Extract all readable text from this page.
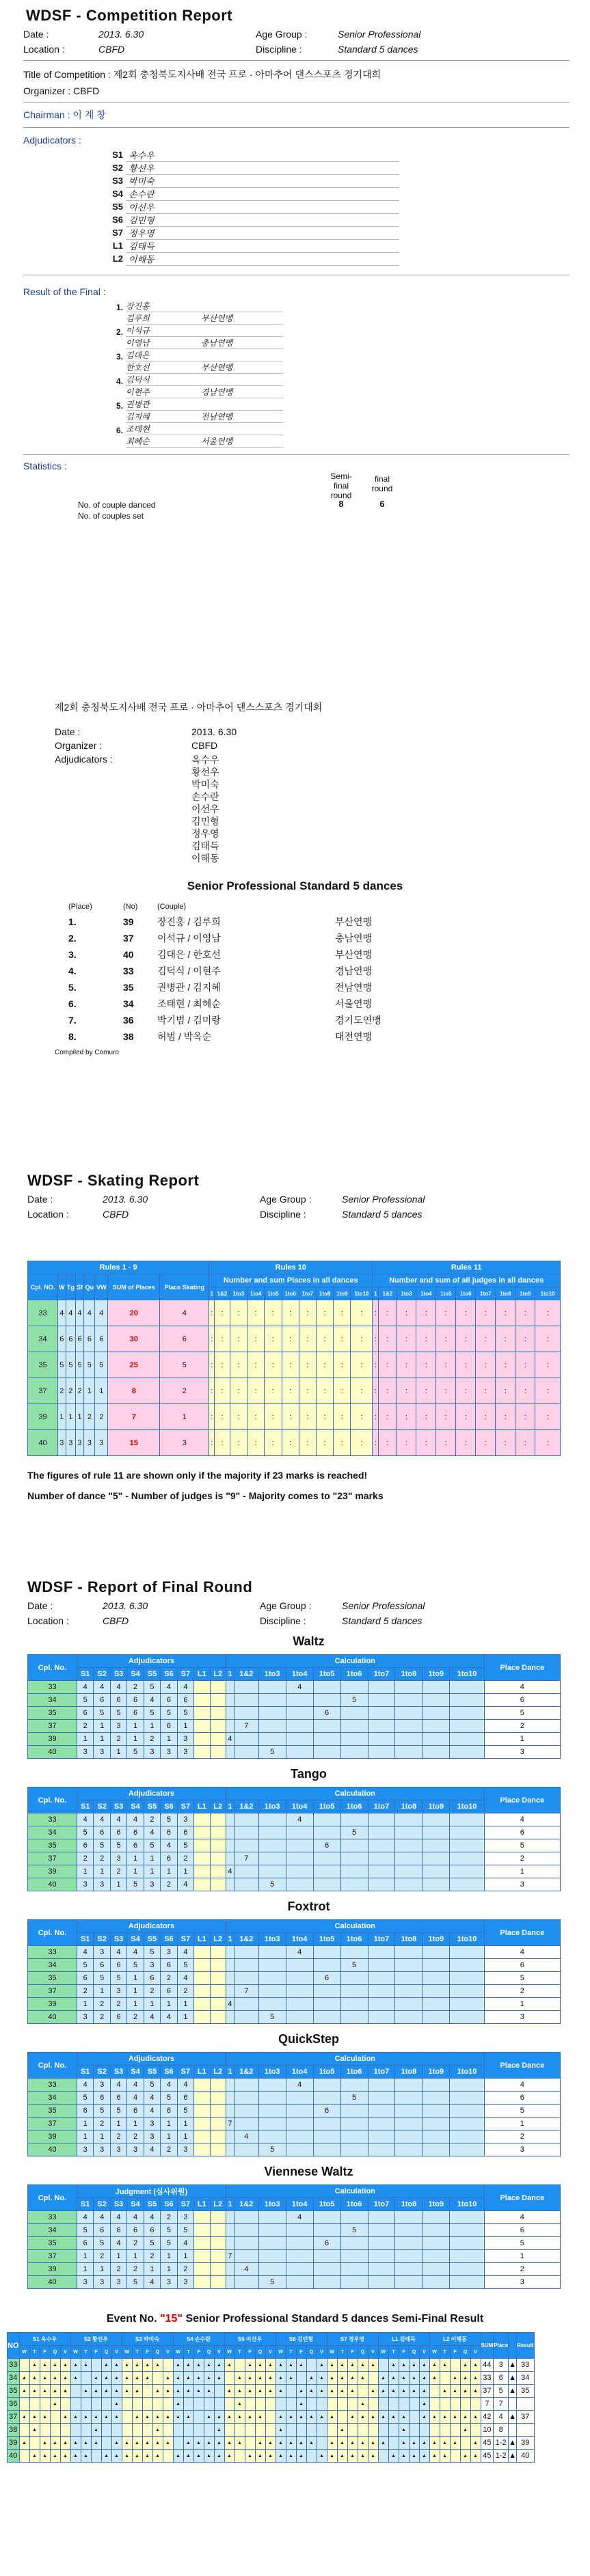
WDSF - Competition Report
Date :	2013. 6.30	Age Group :	Senior Professional
Location :	CBFD	Discipline :	Standard 5 dances
Title of Competition : 제2회 충청북도지사배 전국 프로 · 아마추어 댄스스포츠 경기대회
Organizer : CBFD
Chairman : 이 계 창
Adjudicators :
S1 옥수우
S2 황선우
S3 박미숙
S4 손수란
S5 이선우
S6 김민형
S7 정우영
L1 김태득
L2 이해동
Result of the Final :
1. 장진홍
김루희	부산연맹
2. 이석규
이영남	충남연맹
3. 김대은
한호선	부산연맹
4. 김덕식
이현주	경남연맹
5. 권병관
김지혜	전남연맹
6. 조태현
최혜순	서울연맹
Statistics :
Semi-final round
final round
No. of couple danced	8	6
No. of couples set
제2회 충청북도지사배 전국 프로 · 아마추어 댄스스포츠 경기대회
Date :	2013. 6.30
Organizer :	CBFD
Adjudicators :	옥수우
황선우
박미숙
손수란
이선우
김민형
정우영
김태득
이해동
Senior Professional Standard 5 dances
(Place)	(No)	(Couple)
1.	39	장진홍 / 김루희	부산연맹
2.	37	이석규 / 이영남	충남연맹
3.	40	김대은 / 한호선	부산연맹
4.	33	김덕식 / 이현주	경남연맹
5.	35	권병관 / 김지혜	전남연맹
6.	34	조태현 / 최혜순	서울연맹
7.	36	박기범 / 김미랑	경기도연맹
8.	38	허범 / 박옥순	대전연맹
Compiled by Comuro
WDSF - Skating Report
Date :	2013. 6.30	Age Group :	Senior Professional
Location :	CBFD	Discipline :	Standard 5 dances
Rules 1 - 9								Rules 10										Rules 11									
Cpl. NO.	W	Tg	Sf	Qu	VW	SUM of Places	Place Skating	Number and sum Places in all dances										Number and sum of all judges in all dances									
								1	1&2	1to3	1to4	1to5	1to6	1to7	1to8	1to9	1to10	1	1&2	1to3	1to4	1to5	1to6	1to7	1to8	1to9	1to10
33	4	4	4	4	4	20	4	:	:	:	:	:	:	:	:	:	:	:	:	:	:	:	:	:	:	:	:
34	6	6	6	6	6	30	6	:	:	:	:	:	:	:	:	:	:	:	:	:	:	:	:	:	:	:	:
35	5	5	5	5	5	25	5	:	:	:	:	:	:	:	:	:	:	:	:	:	:	:	:	:	:	:	:
37	2	2	2	1	1	8	2	:	:	:	:	:	:	:	:	:	:	:	:	:	:	:	:	:	:	:	:
39	1	1	1	2	2	7	1	:	:	:	:	:	:	:	:	:	:	:	:	:	:	:	:	:	:	:	:
40	3	3	3	3	3	15	3	:	:	:	:	:	:	:	:	:	:	:	:	:	:	:	:	:	:	:	:
The figures of rule 11 are shown only if the majority if 23 marks is reached!
Number of dance "5" - Number of judges is "9" - Majority comes to "23" marks
WDSF - Report of Final Round
Date :	2013. 6.30	Age Group :	Senior Professional
Location :	CBFD	Discipline :	Standard 5 dances
Waltz
Cpl. No.	Adjudicators									Calculation										Place Dance
	S1	S2	S3	S4	S5	S6	S7	L1	L2	1	1&2	1to3	1to4	1to5	1to6	1to7	1to8	1to9	1to10	
33	4	4	4	2	5	4	4						4							4
34	5	6	6	6	4	6	6								5					6
35	6	5	5	6	5	5	5							6						5
37	2	1	3	1	1	6	1				7									2
39	1	1	2	1	2	1	3			4										1
40	3	3	1	5	3	3	3					5								3
Tango
Cpl. No.	Adjudicators									Calculation										Place Dance
	S1	S2	S3	S4	S5	S6	S7	L1	L2	1	1&2	1to3	1to4	1to5	1to6	1to7	1to8	1to9	1to10	
33	4	4	4	4	2	5	3						4							4
34	5	6	6	6	4	6	6								5					6
35	6	5	5	6	5	4	5							6						5
37	2	2	3	1	1	6	2				7									2
39	1	1	2	1	1	1	1			4										1
40	3	3	1	5	3	2	4					5								3
Foxtrot
Cpl. No.	Adjudicators									Calculation										Place Dance
	S1	S2	S3	S4	S5	S6	S7	L1	L2	1	1&2	1to3	1to4	1to5	1to6	1to7	1to8	1to9	1to10	
33	4	3	4	4	5	3	4						4							4
34	5	6	6	5	3	6	5								5					6
35	6	5	5	1	6	2	4							6						5
37	2	1	3	1	2	6	2				7									2
39	1	2	2	1	1	1	1			4										1
40	3	2	6	2	4	4	1					5								3
QuickStep
Cpl. No.	Adjudicators									Calculation										Place Dance
	S1	S2	S3	S4	S5	S6	S7	L1	L2	1	1&2	1to3	1to4	1to5	1to6	1to7	1to8	1to9	1to10	
33	4	3	4	4	5	4	4						4							4
34	5	6	6	4	4	5	6								5					6
35	6	5	5	6	4	6	5							6						5
37	1	2	1	1	3	1	1			7										1
39	1	1	2	2	3	1	1				4									2
40	3	3	3	3	4	2	3					5								3
Viennese Waltz
Cpl. No.	Judgment (심사위원)									Calculation										Place Dance
	S1	S2	S3	S4	S5	S6	S7	L1	L2	1	1&2	1to3	1to4	1to5	1to6	1to7	1to8	1to9	1to10	
33	4	4	4	4	4	2	3						4							4
34	5	6	6	6	6	5	5								5					6
35	6	5	4	2	5	5	4							6						5
37	1	2	1	1	2	1	1			7										1
39	1	1	2	2	1	1	2				4									2
40	3	3	3	5	4	3	3					5								3
Event No. "15" Senior Professional Standard 5 dances Semi-Final Result
NO	S1 옥수우					S2 황선우					S3 박미숙					S4 손수란					S5 이선우					S6 김민형					S7 정우영					L1 김태득					L2 이해동					SUM	Place		Result
	W	T	F	Q	V	W	T	F	Q	V	W	T	F	Q	V	W	T	F	Q	V	W	T	F	Q	V	W	T	F	Q	V	W	T	F	Q	V	W	T	F	Q	V	W	T	F	Q	V				
33		▲	▲	▲	▲	▲	▲		▲	▲	▲	▲	▲	▲		▲	▲	▲	▲	▲	▲		▲	▲	▲	▲	▲	▲		▲	▲	▲	▲	▲	▲		▲	▲	▲	▲	▲	▲		▲	▲	44	3	▲	33
34	▲	▲	▲	▲	▲	▲		▲	▲	▲	▲	▲	▲		▲	▲	▲	▲	▲	▲		▲	▲	▲	▲	▲	▲		▲	▲	▲	▲	▲	▲		▲	▲	▲	▲	▲	▲		▲	▲	▲	33	6	▲	34
35	▲	▲	▲	▲	▲		▲	▲	▲	▲	▲	▲		▲	▲	▲	▲	▲	▲		▲	▲	▲	▲	▲	▲		▲	▲	▲	▲	▲	▲		▲	▲	▲	▲	▲	▲		▲	▲	▲	▲	37	5	▲	35
36				▲						▲						▲						▲						▲						▲						▲						7	7		
37	▲	▲	▲		▲	▲	▲	▲	▲	▲		▲	▲	▲	▲	▲	▲		▲	▲	▲	▲	▲	▲		▲	▲	▲	▲	▲	▲		▲	▲	▲	▲	▲	▲		▲	▲	▲	▲	▲	▲	42	4	▲	37
38		▲						▲						▲						▲						▲						▲						▲						▲		10	8		
39	▲		▲	▲	▲	▲	▲	▲		▲	▲	▲	▲	▲	▲		▲	▲	▲	▲	▲	▲		▲	▲	▲	▲	▲	▲		▲	▲	▲	▲	▲	▲		▲	▲	▲	▲	▲	▲		▲	45	1-2	▲	39
40		▲	▲	▲	▲	▲	▲		▲	▲	▲	▲	▲	▲		▲	▲	▲	▲	▲	▲		▲	▲	▲	▲	▲	▲		▲	▲	▲	▲	▲	▲		▲	▲	▲	▲	▲	▲		▲	▲	45	1-2	▲	40
